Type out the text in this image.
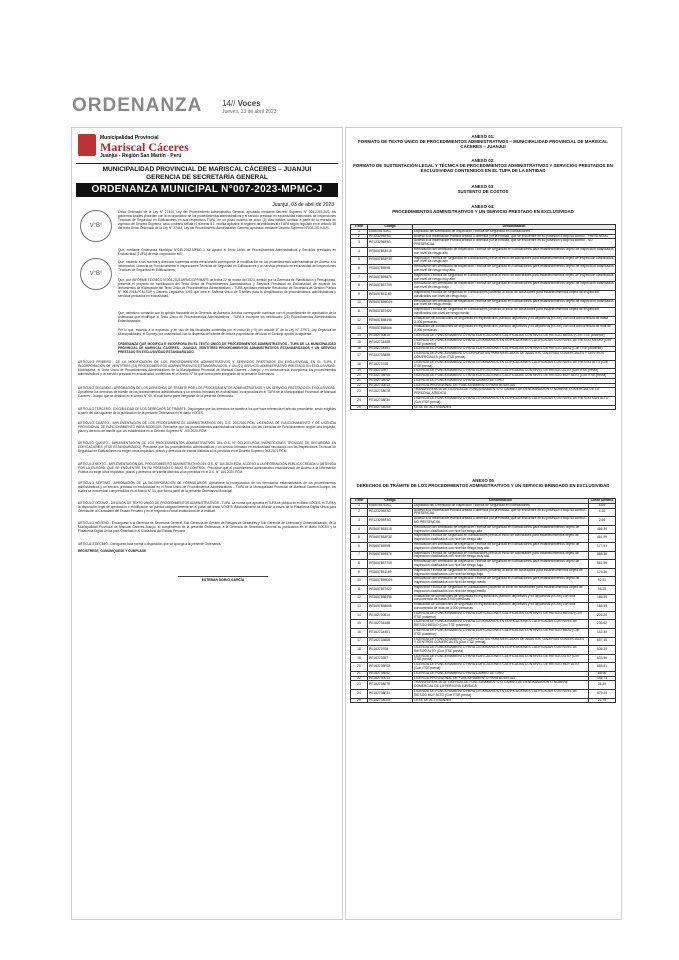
ORDENANZA 14// Voces
Jueves, 13 de abril 2023
Municipalidad Provincial
Mariscal Cáceres
Juanjuí - Región San Martín - Perú
MUNICIPALIDAD PROVINCIAL DE MARISCAL CÁCERES – JUANJUI
GERENCIA DE SECRETARÍA GENERAL
ORDENANZA MUNICIPAL N°007-2023-MPMC-J
Juanjuí, 03 de abril de 2023
V°B°
V°B°
Único Ordenado de la Ley N° 27444, Ley del Procedimiento Administrativo General, aprobado mediante Decreto Supremo N° 004-2019-JUS; los gobiernos locales proceden con la incorporación de los procedimientos administrativos y el servicio prestado en exclusividad elaborados de Inspecciones Técnicas de Seguridad en Edificaciones en sus respectivos TUPA, en un plazo máximo de cinco (5) días hábiles contado a partir de la entrada en vigencia del Decreto Supremo; caso contrario señala el numeral 5.1. resulta aplicable el régimen de entidades sin TUPA según regulado en el artículo 38 del texto Único Ordenado de la Ley N° 27444, Ley del Procedimiento Administrativo General, aprobado mediante Decreto Supremo N°004-2019-JUS;
Que, mediante Ordenanza Municipal N°045-2012-MPMC-J, se aprobó el Texto Único de Procedimientos Administrativos y Servicios prestados en Exclusividad (TUPA) de esta corporación edil;
Que, estando a las normas y dirección supremas antes mencionado corresponde la modificación de los procedimientos administrativos de Acceso a la Información; Licencia de Funcionamiento e Inspecciones Técnicas de Seguridad en Edificaciones y un servicio prestado en exclusividad del Inspecciones Técnicas de Seguridad en Edificaciones;
Que, con INFORME TÉCNICO N°004-2023-MPMC/GPP/MAPS de fecha 22 de marzo del 2023, emitido por la Gerencia de Planificación y Presupuesto, presenta el proyecto de modificación del Texto Único de Procedimientos Administrativos y Servicios Prestados en Exclusividad; de acuerdo los lineamientos de elaboración del Texto Único de Procedimientos Administrativos – TUPA aprobado mediante Resolución de Secretaría de Gestión Pública N° 005-2018-PCM-SGP y Decreto Legislativo 1203 que crea el Sistema Único de Trámites para la simplificación de procedimientos administrativos y servicios prestados en exclusividad;
Que, asimismo contando con la opinión favorable de la Gerencia de Asesoría Jurídica corresponde continuar con el procedimiento de aprobación de la ordenanza que modifique el Texto Único de Procedimientos Administrativos - TUPA e incorpore los veinticuatro (24) Procedimientos Administrativos Estandarizados;
Por lo que, estando a lo expuesto, y en uso de las facultades conferidas por el inciso 8) y 9) del artículo 9° de la Ley N° 27972, Ley Orgánica de Municipalidades, el Concejo por unanimidad, con la dispensa del trámite de lectura y aprobación del Acta, el Concejo aprobó la siguiente:
ORDENANZA QUE MODIFICA E INCORPORA EN EL TEXTO ÚNICO DE PROCEDIMIENTOS ADMINISTRATIVOS - TUPA DE LA MUNICIPALIDAD PROVINCIAL DE MARISCAL CÁCERES - JUANJUÍ, VEINTITRÉS PROCEDIMIENTOS ADMINISTRATIVOS ESTANDARIZADOS Y UN SERVICIO PRESTADO EN EXCLUSIVIDAD ESTANDARIZADO.
ARTÍCULO PRIMERO.- DE LA MODIFICACIÓN DE LOS PROCEDIMIENTOS ADMINISTRATIVOS Y SERVICIOS PRESTADOS EN EXCLUSIVIDAD EN EL TUPA E INCORPORACIÓN DE VEINTITRÉS (23) PROCEDIMIENTOS ADMINISTRATIVOS ESTANDARIZADOS, Y UN (01) SERVICIO ADMINISTRATIVO PRESTADO EN EXCLUSIVIDAD. Modifíquese, el Texto Único de Procedimientos Administrativos de la Municipalidad Provincial de Mariscal Cáceres - Juanjuí y en consecuencia incorpórese los procedimientos administrativos y un servicio prestado en exclusividad, contenidos en el Anexo N° 04 que forma parte integrante de la presente Ordenanza.
ARTÍCULO SEGUNDO.- APROBACIÓN DE LOS DERECHOS DE TRÁMITE POR LOS PROCEDIMIENTOS ADMINISTRATIVOS Y UN SERVICIO PRESTADO EN EXCLUSIVIDAD. Apruébese los derechos de trámite de los procedimientos administrativos y un servicio brindado en exclusividad, incorporados en el TUPA de la Municipalidad Provincial de Mariscal Cáceres - Juanjuí que se detallan en el Anexo N° 05, el cual forma parte integrante de la presente Ordenanza.
ARTÍCULO TERCERO.- EXIGIBILIDAD DE LOS DERECHOS DE TRÁMITE. Dispóngase que los derechos de trámite a los que hace referencia el artículo precedente, serán exigibles a partir del día siguiente de la publicación de la presente Ordenanza en el diario VOCES.
ARTÍCULO CUARTO.- IMPLEMENTACIÓN DE LOS PROCEDIMIENTOS ADMINISTRATIVOS DEL D.S. 200-2020-PCM, LICENCIAS DE FUNCIONAMIENTO Y DE LICENCIA PROVISIONAL DE FUNCIONAMIENTO PARA BODEGAS. Precísese que los procedimientos administrativos vinculados con las Licencias de Funcionamiento ningún otro requisito, plazo y derecho de trámite que los establecidos en el Decreto Supremo N° 200-2020-PCM.
ARTÍCULO QUINTO.- IMPLEMENTACIÓN DE LOS PROCEDIMIENTOS ADMINISTRATIVOS DEL D.S. N° 043-2021-PCM, INSPECCIONES TÉCNICAS DE SEGURIDAD EN EDIFICACIONES (ITSE ESTANDARIZADO). Precísese que los procedimientos administrativos y un servicio brindado en exclusividad vinculados con las Inspecciones Técnicas de Seguridad en Edificaciones no exigen otros requisitos, plazos y derechos de trámite distintos a los previstos en el Decreto Supremo 043-2021-PCM.
ARTÍCULO SEXTO.- IMPLEMENTACIÓN DEL PROCEDIMIENTO ADMINISTRATIVO DEL D.S. N° 164-2020-PCM, ACCESO A LA INFORMACIÓN PÚBLICA CREADA U OBTENIDA POR LA ENTIDAD, QUE SE ENCUENTRE EN SU POSESIÓN O BAJO SU CONTROL. Precísese que el procedimiento administrativo estandarizado de Acceso a la Información Pública no exige otros requisitos, plazos y derechos de trámite distintos a los previstos en el D.S. N° 164-2020-PCM.
ARTÍCULO SÉPTIMO.- APROBACIÓN DE LA INCORPORACIÓN DE FORMULARIOS. Apruébese la incorporación de los formularios estandarizados de los procedimientos administrativos y un servicio prestado en exclusividad en el Texto Único de Procedimientos Administrativos – TUPA de la Municipalidad Provincial de Mariscal Cáceres-Juanjuí, los cuales se encuentran comprendidos en el Anexo N° 04, que forma parte de la presente Ordenanza Municipal.
ARTÍCULO OCTAVO.- DIFUSIÓN DE TEXTO ÚNICO DE PROCEDIMIENTOS ADMINISTRATIVOS - TUPA. La norma que aprueba el TUPA se publica en el diario VOCES, el TUPA y la disposición legal de aprobación o modificación se publica obligatoriamente en el portal del diario VOCES. Adicionalmente se difunde a través de la Plataforma Digital Única para Orientación al Ciudadano del Estado Peruano y en el respectivo Portal Institucional de la entidad.
ARTÍCULO NOVENO.- Encárguese a la Gerencia de Secretaría General, Sub Gerencia de Gestión de Riesgos de Desastres y Sub Gerencia de Licencias y Comercialización; de la Municipalidad Provincial de Mariscal Cáceres-Juanjuí, el cumplimiento de la presente Ordenanza; a la Gerencia de Secretaría General su publicación en el diario VOCES y la Plataforma Digital Única para Orientación al Ciudadano del Estado Peruano.
ARTÍCULO DÉCIMO.- Deróguese toda norma o disposición que se oponga a la presente Ordenanza.
REGÍSTRESE, COMUNÍQUESE Y CÚMPLASE
ESTEBAN DORIO GARCÍA
ANEXO 01:
FORMATO DE TEXTO ÚNICO DE PROCEDIMIENTOS ADMINISTRATIVOS – MUNICIPALIDAD PROVINCIAL DE MARISCAL CÁCERES – JUANJUI
ANEXO 02:
FORMATO DE SUSTENTACIÓN LEGAL Y TÉCNICA DE PROCEDIMIENTOS ADMINISTRATIVOS Y SERVICIOS PRESTADOS EN EXCLUSIVIDAD CONTENIDOS EN EL TUPA DE LA ENTIDAD
ANEXO 03:
SUSTENTO DE COSTOS
ANEXO 04:
PROCEDIMIENTOS ADMINISTRATIVOS Y UN SERVICIO PRESTADO EN EXCLUSIVIDAD
ITEM	Código	Denominación
1	E5657857DAC	Duplicado del Certificado de Inspección Técnica de Seguridad en Edificaciones
2	PE12329BFA3	Acceso a la Información Pública creada u obtenida por la entidad, que se encuentre en su posesión o bajo su control - PRESENCIAL
3	PE12329BFA3	Acceso a la Información Pública creada u obtenida por la entidad, que se encuentre en su posesión o bajo su control - NO PRESENCIAL
4	PE5657853015	Renovación del certificado de Inspección Técnica de Seguridad en Edificaciones para establecimientos objeto de inspección clasificados con nivel de riesgo alto
5	PE5657853F3E	Inspección Técnica de Seguridad en Edificaciones previa al inicio de actividades para establecimientos objeto de inspección clasificados con nivel de riesgo alto
6	PE56578599B	Renovación del certificado de Inspección Técnica de Seguridad en Edificaciones para establecimientos objeto de inspección clasificados con nivel de riesgo muy alto
7	PE5657859876	Inspección Técnica de Seguridad en Edificaciones previa al inicio de actividades para establecimientos objeto de inspección clasificados con nivel de riesgo muy alto
8	PE5657857709	Renovación del certificado de Inspección Técnica de Seguridad en Edificaciones para establecimientos objeto de inspección clasificados con nivel de riesgo bajo
9	PE5657851169	Inspección Técnica de Seguridad en Edificaciones posterior al inicio de actividades para establecimientos objeto de inspección clasificados con nivel de riesgo bajo
10	PE5657859D25	Renovación del certificado de Inspección Técnica de Seguridad en Edificaciones para establecimientos objeto de inspección clasificados con nivel de riesgo medio
11	PE5657857022	Inspección Técnica de Seguridad en Edificaciones posterior al inicio de actividades para establecimientos objeto de inspección clasificados con nivel de riesgo medio
12	PE5657858496	Evaluación de condiciones de seguridad en espectáculos públicos deportivos y no deportivos (ECSE) con una concurrencia de hasta 3,000 personas
13	PE5657858666	Evaluación de condiciones de seguridad en espectáculos públicos deportivos y no deportivos (ECSE) con una concurrencia de más de 3,000 personas
14	PE162730814	LICENCIA DE FUNCIONAMIENTO PARA EDIFICACIONES CALIFICADAS CON NIVEL DE RIESGO MEDIO (Con ITSE posterior)
15	PE16273448B	LICENCIA DE FUNCIONAMIENTO PARA CESIONARIOS EN EDIFICACIONES CALIFICADAS CON NIVEL DE RIESGO MEDIO (Con ITSE posterior)
16	PE162734451	LICENCIA DE FUNCIONAMIENTO PARA EDIFICACIONES CALIFICADAS CON NIVEL DE RIESGO BAJO (Con ITSE posterior)
17	PE16273388B	LICENCIA DE FUNCIONAMIENTO CORPORATIVA PARA MERCADOS DE ABASTOS, GALERÍAS COMERCIALES Y CENTROS COMERCIALES (Con ITSE previa)
18	PE16273708	LICENCIA DE FUNCIONAMIENTO PARA CESIONARIOS EN EDIFICACIONES CALIFICADAS CON NIVEL DE RIESGO ALTO (Con ITSE previa)
19	PE16273397	LICENCIA DE FUNCIONAMIENTO PARA EDIFICACIONES CALIFICADAS CON NIVEL DE RIESGO ALTO (Con ITSE previa)
20	PE162735F08	LICENCIA DE FUNCIONAMIENTO PARA EDIFICACIONES CALIFICADAS CON NIVEL DE RIESGO MUY ALTO (Con ITSE previa)
21	PE162738042	LICENCIA DE FUNCIONAMIENTO PARA CAMBIO DE GIRO
22	PE162730013	LICENCIA PROVISIONAL DE FUNCIONAMIENTO PARA BODEGAS
23	PE16273807B	TRANSFERENCIA DE LICENCIA DE FUNCIONAMIENTO O CAMBIO DE DENOMINACIÓN O NOMBRE COMERCIAL DE LA PERSONA JURÍDICA
24	PE162738F30	LICENCIA DE FUNCIONAMIENTO PARA CESIONARIOS EN EDIFICACIONES CALIFICADAS CON NIVEL DE RIESGO MUY ALTO (Con ITSE previa)
25	PE162734D45	CESE DE ACTIVIDADES
ANEXO 05
DERECHOS DE TRÁMITE DE LOS PROCEDIMIENTOS ADMINISTRATIVOS Y UN SERVICIO BRINDADO EN EXCLUSIVIDAD
ITEM	Código	Denominación	Costo Unitario
1	E5657857DAC	Duplicado del Certificado de Inspección Técnica de Seguridad en Edificaciones	4.69
2	PE12329BFA3	Acceso a la Información Pública creada u obtenida por la entidad, que se encuentre en su posesión o bajo su control - PRESENCIAL	4.16
3	PE12329BFA3	Acceso a la Información Pública creada u obtenida por la entidad, que se encuentre en su posesión o bajo su control - NO PRESENCIAL	2.66
4	PE5657853015	Renovación del certificado de Inspección Técnica de Seguridad en Edificaciones para establecimientos objeto de inspección clasificados con nivel de riesgo alto	466.39
5	PE5657853F3E	Inspección Técnica de Seguridad en Edificaciones previa al inicio de actividades para establecimientos objeto de inspección clasificados con nivel de riesgo alto	481.99
6	PE56578599B	Renovación del certificado de Inspección Técnica de Seguridad en Edificaciones para establecimientos objeto de inspección clasificados con nivel de riesgo muy alto	177.51
7	PE5657859876	Inspección Técnica de Seguridad en Edificaciones previa al inicio de actividades para establecimientos objeto de inspección clasificados con nivel de riesgo muy alto	888.38
8	PE5657857709	Renovación del certificado de Inspección Técnica de Seguridad en Edificaciones para establecimientos objeto de inspección clasificados con nivel de riesgo bajo	961.59
9	PE5657851169	Inspección Técnica de Seguridad en Edificaciones posterior al inicio de actividades para establecimientos objeto de inspección clasificados con nivel de riesgo bajo	176.16
10	PE5657859D25	Renovación del certificado de Inspección Técnica de Seguridad en Edificaciones para establecimientos objeto de inspección clasificados con nivel de riesgo medio	92.51
11	PE5657857022	Inspección Técnica de Seguridad en Edificaciones posterior al inicio de actividades para establecimientos objeto de inspección clasificados con nivel de riesgo medio	95.25
12	PE5657858496	Evaluación de condiciones de seguridad en espectáculos públicos deportivos y no deportivos (ECSE) con una concurrencia de hasta 3,000 personas	166.59
13	PE5657858666	Evaluación de condiciones de seguridad en espectáculos públicos deportivos y no deportivos (ECSE) con una concurrencia de más de 3,000 personas	166.59
14	PE162730814	LICENCIA DE FUNCIONAMIENTO PARA EDIFICACIONES CALIFICADAS CON NIVEL DE RIESGO MEDIO (Con ITSE posterior)	226.24
15	PE16273448B	LICENCIA DE FUNCIONAMIENTO PARA CESIONARIOS EN EDIFICACIONES CALIFICADAS CON NIVEL DE RIESGO MEDIO (Con ITSE posterior)	236.62
16	PE162734451	LICENCIA DE FUNCIONAMIENTO PARA EDIFICACIONES CALIFICADAS CON NIVEL DE RIESGO BAJO (Con ITSE posterior)	142.39
17	PE16273388B	LICENCIA DE FUNCIONAMIENTO CORPORATIVA PARA MERCADOS DE ABASTOS, GALERÍAS COMERCIALES Y CENTROS COMERCIALES (Con ITSE previa)	697.45
18	PE16273708	LICENCIA DE FUNCIONAMIENTO PARA CESIONARIOS EN EDIFICACIONES CALIFICADAS CON NIVEL DE RIESGO ALTO (Con ITSE previa)	536.34
19	PE16273397	LICENCIA DE FUNCIONAMIENTO PARA EDIFICACIONES CALIFICADAS CON NIVEL DE RIESGO ALTO (Con ITSE previa)	533.96
20	PE162735F08	LICENCIA DE FUNCIONAMIENTO PARA EDIFICACIONES CALIFICADAS CON NIVEL DE RIESGO MUY ALTO (Con ITSE previa)	865.81
21	PE162738042	LICENCIA DE FUNCIONAMIENTO PARA CAMBIO DE GIRO	86.96
22	PE162730013	LICENCIA PROVISIONAL DE FUNCIONAMIENTO PARA BODEGAS	146.74
23	PE16273807B	TRANSFERENCIA DE LICENCIA DE FUNCIONAMIENTO O CAMBIO DE DENOMINACIÓN O NOMBRE COMERCIAL DE LA PERSONA JURÍDICA	36.49
24	PE162738F30	LICENCIA DE FUNCIONAMIENTO PARA CESIONARIOS EN EDIFICACIONES CALIFICADAS CON NIVEL DE RIESGO MUY ALTO (Con ITSE previa)	879.24
25	PE162734D45	CESE DE ACTIVIDADES	22.75
